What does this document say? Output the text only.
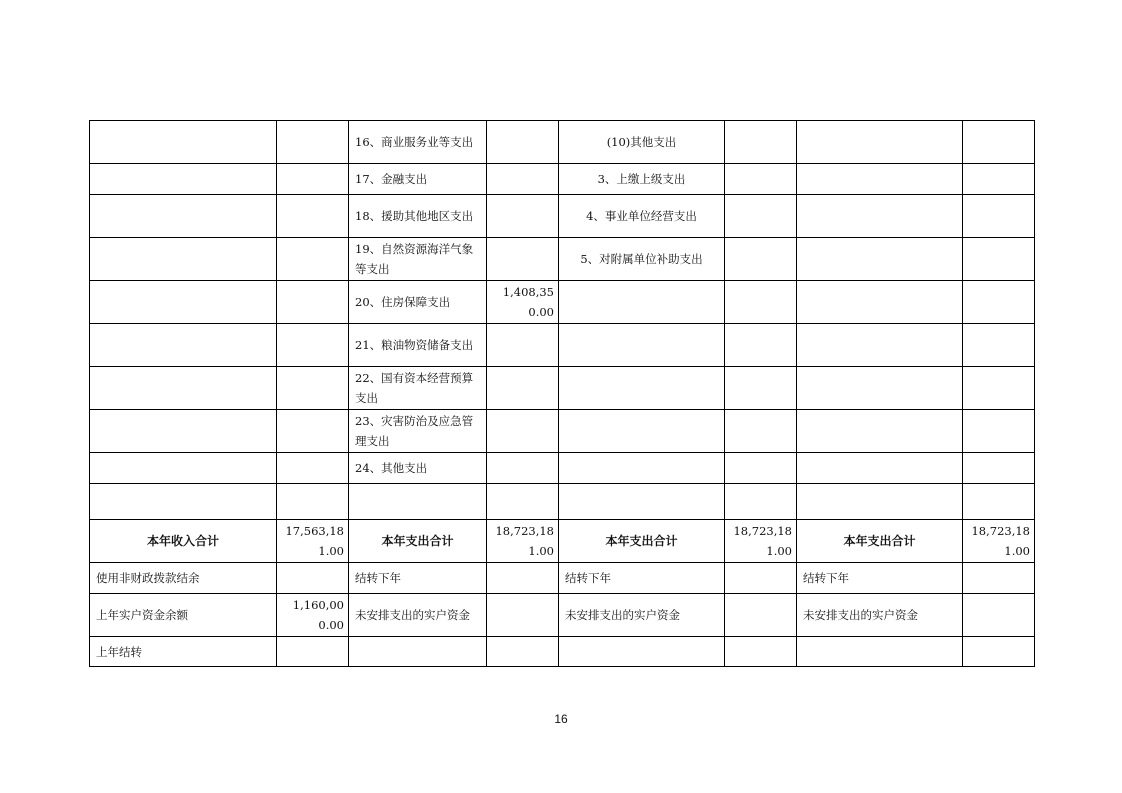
		16、商业服务业等支出		(10)其他支出			
		17、金融支出		3、上缴上级支出			
		18、援助其他地区支出		4、事业单位经营支出			
		19、自然资源海洋气象等支出		5、对附属单位补助支出			
		20、住房保障支出	1,408,350.00				
		21、粮油物资储备支出					
		22、国有资本经营预算支出					
		23、灾害防治及应急管理支出					
		24、其他支出					

本年收入合计	17,563,181.00	本年支出合计	18,723,181.00	本年支出合计	18,723,181.00	本年支出合计	18,723,181.00
使用非财政拨款结余		结转下年		结转下年		结转下年	
上年实户资金余额	1,160,000.00	未安排支出的实户资金		未安排支出的实户资金		未安排支出的实户资金	
上年结转							
16
